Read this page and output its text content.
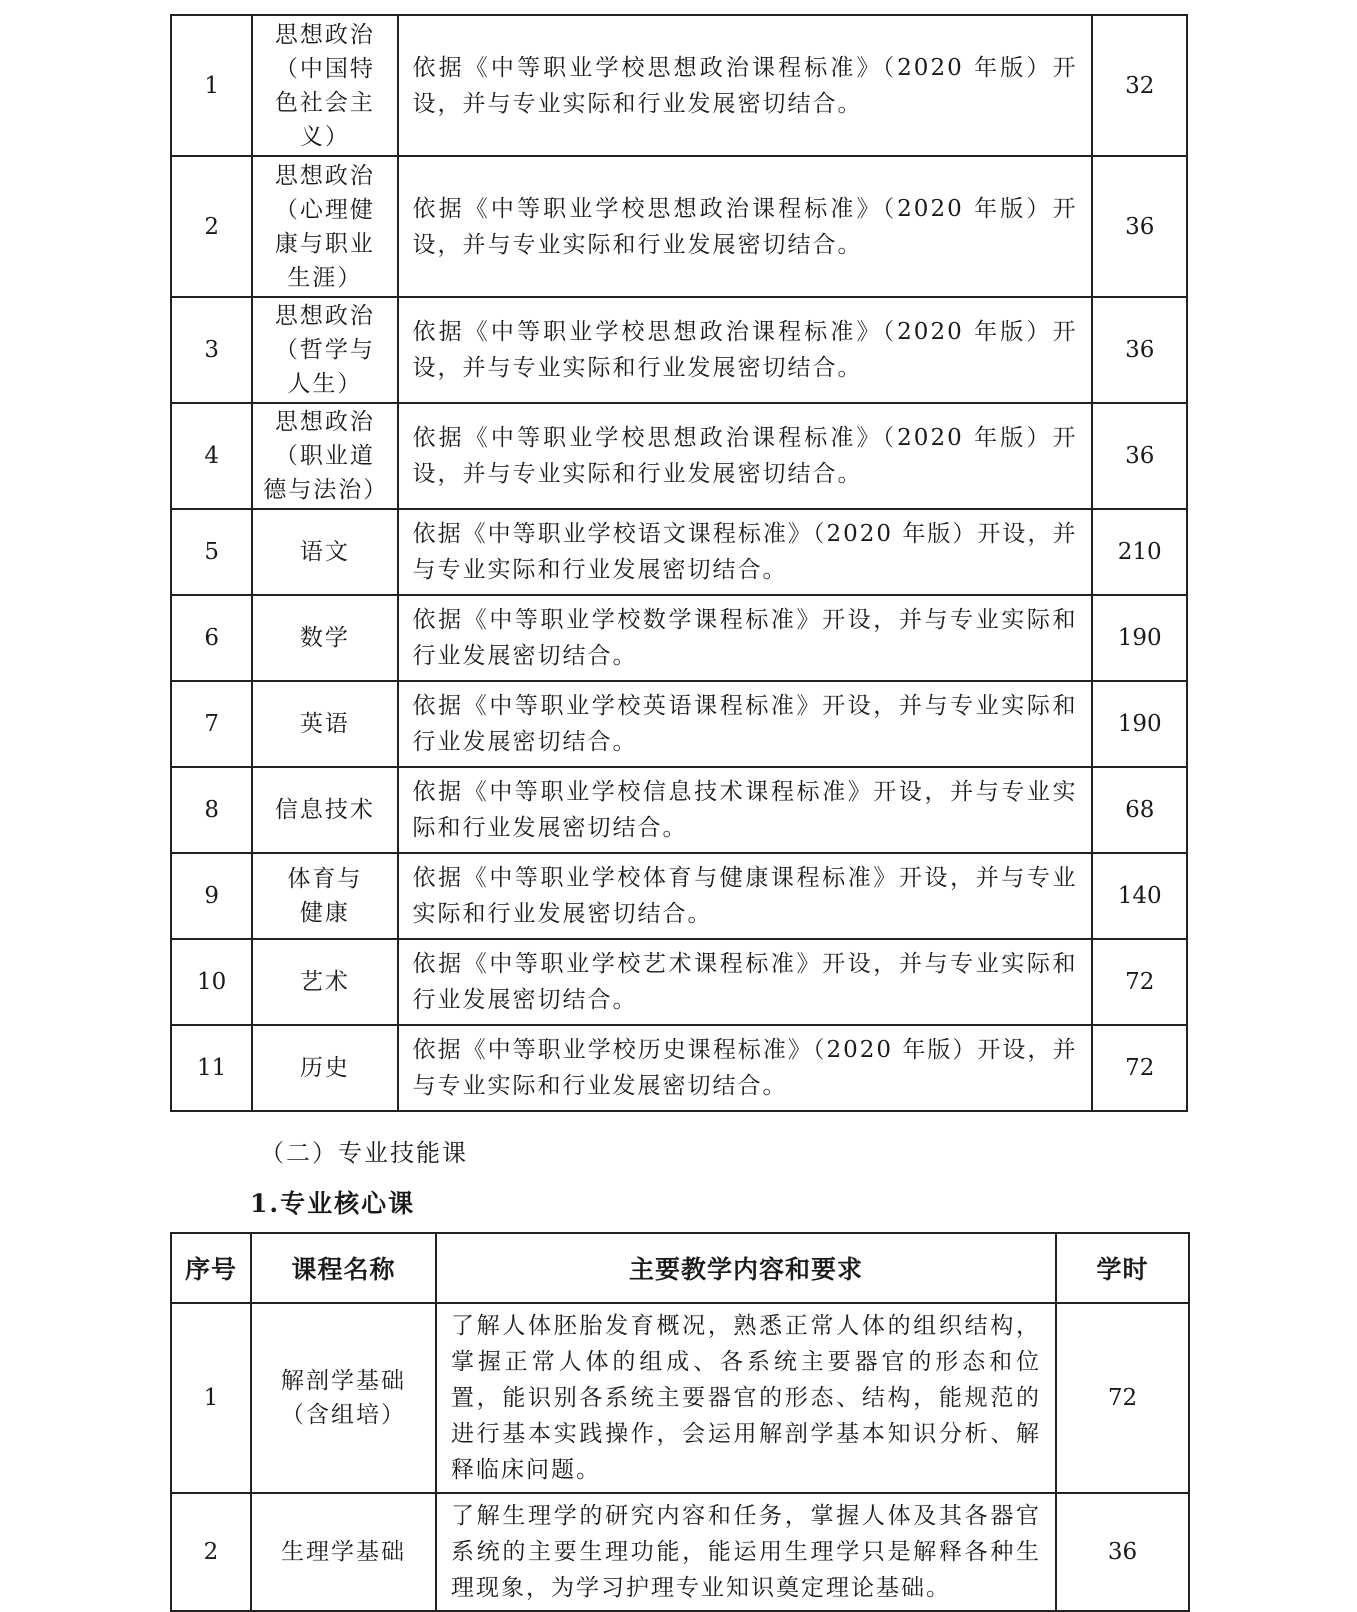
1	思想政治（中国特色社会主义）	依据《中等职业学校思想政治课程标准》（2020 年版）开设，并与专业实际和行业发展密切结合。	32
2	思想政治（心理健康与职业生涯）	依据《中等职业学校思想政治课程标准》（2020 年版）开设，并与专业实际和行业发展密切结合。	36
3	思想政治（哲学与人生）	依据《中等职业学校思想政治课程标准》（2020 年版）开设，并与专业实际和行业发展密切结合。	36
4	思想政治（职业道德与法治）	依据《中等职业学校思想政治课程标准》（2020 年版）开设，并与专业实际和行业发展密切结合。	36
5	语文	依据《中等职业学校语文课程标准》（2020 年版）开设，并与专业实际和行业发展密切结合。	210
6	数学	依据《中等职业学校数学课程标准》开设，并与专业实际和行业发展密切结合。	190
7	英语	依据《中等职业学校英语课程标准》开设，并与专业实际和行业发展密切结合。	190
8	信息技术	依据《中等职业学校信息技术课程标准》开设，并与专业实际和行业发展密切结合。	68
9	体育与健康	依据《中等职业学校体育与健康课程标准》开设，并与专业实际和行业发展密切结合。	140
10	艺术	依据《中等职业学校艺术课程标准》开设，并与专业实际和行业发展密切结合。	72
11	历史	依据《中等职业学校历史课程标准》（2020 年版）开设，并与专业实际和行业发展密切结合。	72
（二）专业技能课
1.专业核心课
序号	课程名称	主要教学内容和要求	学时
1	解剖学基础（含组培）	了解人体胚胎发育概况，熟悉正常人体的组织结构，掌握正常人体的组成、各系统主要器官的形态和位置，能识别各系统主要器官的形态、结构，能规范的进行基本实践操作，会运用解剖学基本知识分析、解释临床问题。	72
2	生理学基础	了解生理学的研究内容和任务，掌握人体及其各器官系统的主要生理功能，能运用生理学只是解释各种生理现象，为学习护理专业知识奠定理论基础。	36
